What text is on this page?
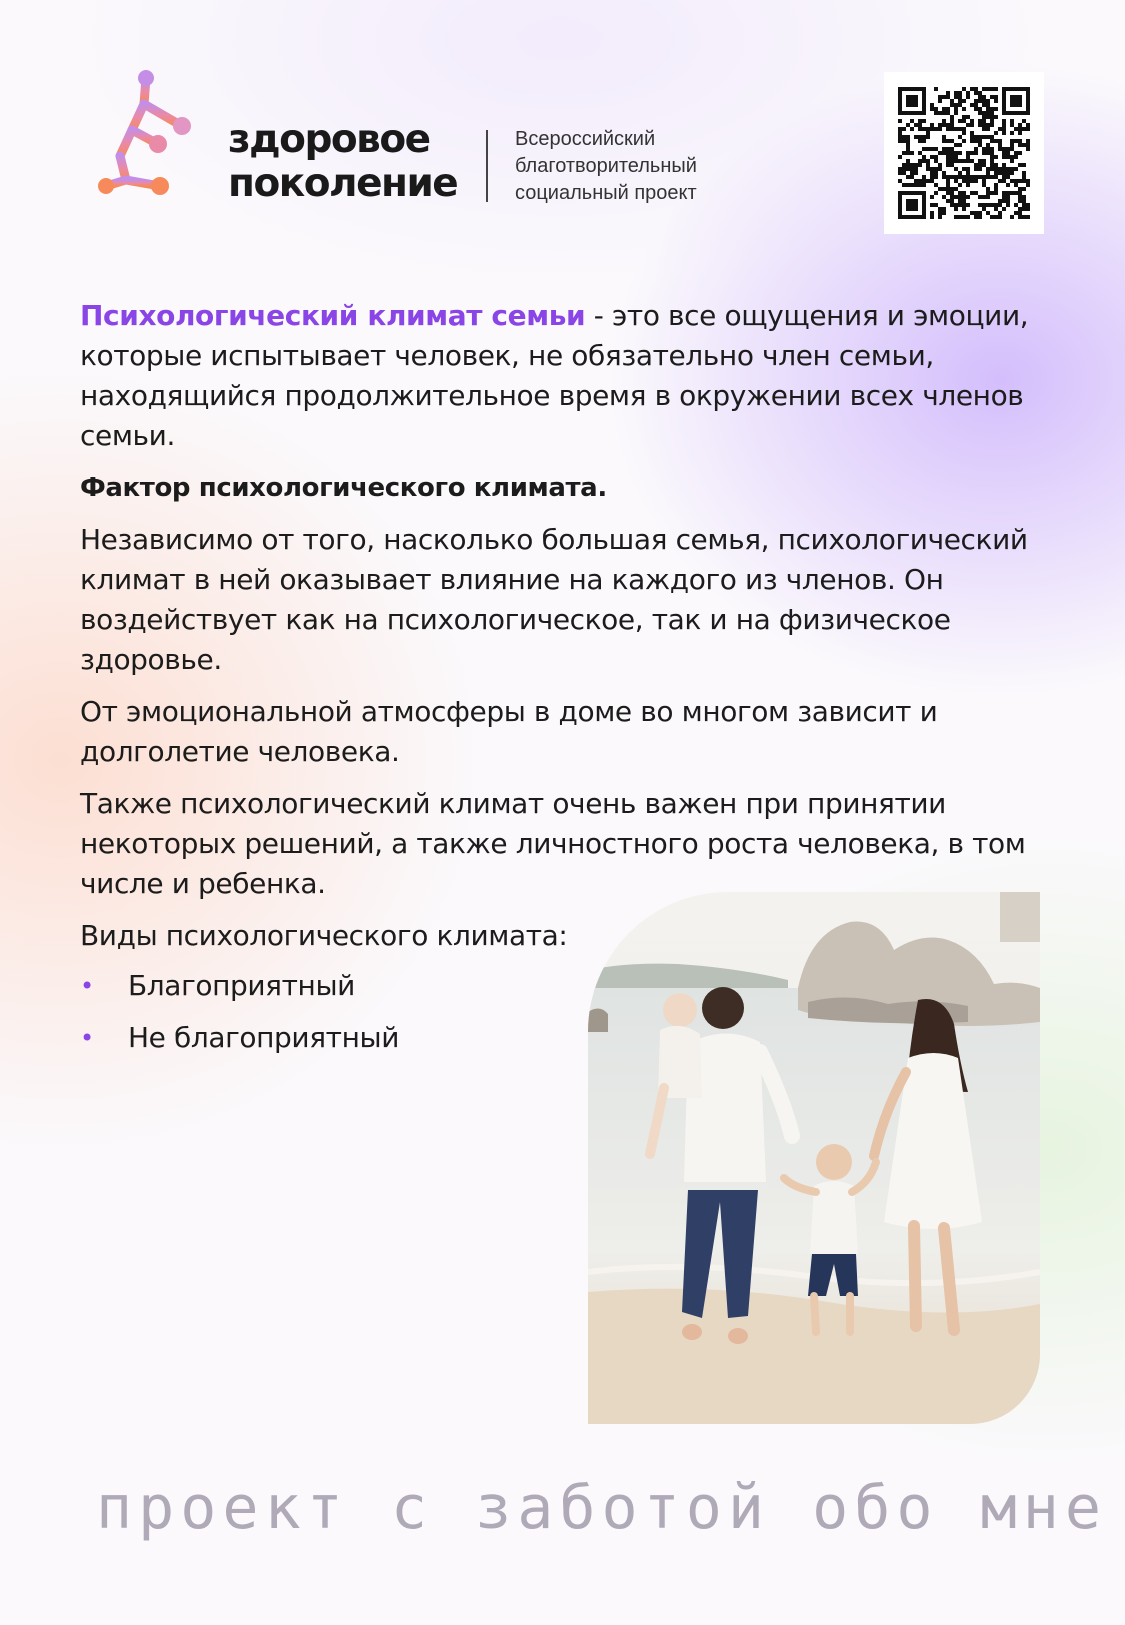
здоровое
поколение
Всероссийский
благотворительный
социальный проект

Психологический климат семьи - это все ощущения и эмоции, которые испытывает человек, не обязательно член семьи, находящийся продолжительное время в окружении всех членов семьи.

Фактор психологического климата.

Независимо от того, насколько большая семья, психологический климат в ней оказывает влияние на каждого из членов. Он воздействует как на психологическое, так и на физическое здоровье.

От эмоциональной атмосферы в доме во многом зависит и долголетие человека.

Также психологический климат очень важен при принятии некоторых решений, а также личностного роста человека, в том числе и ребенка.

Виды психологического климата:

• Благоприятный
• Не благоприятный
проект с заботой обо мне
